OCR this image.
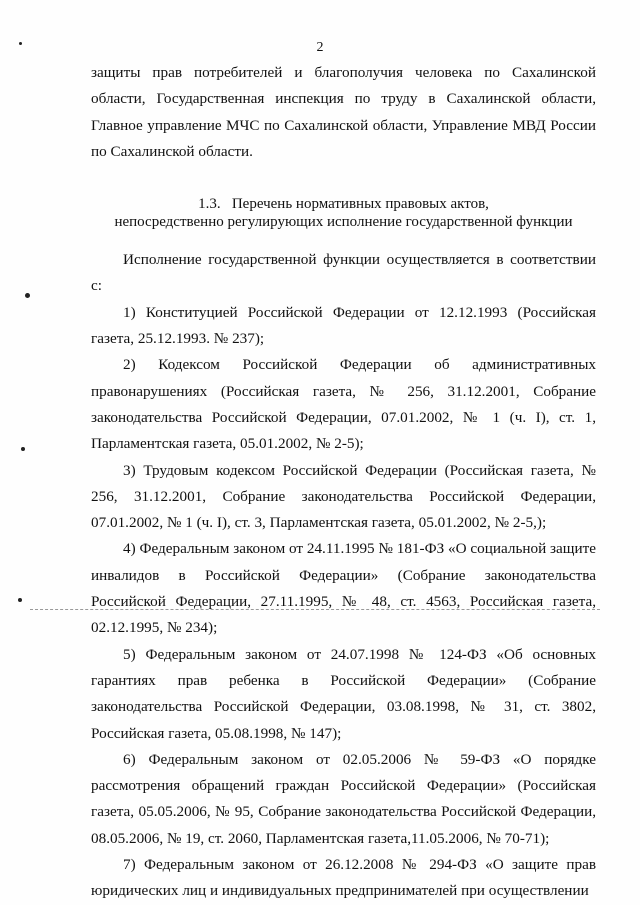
2

защиты прав потребителей и благополучия человека по Сахалинской области, Государственная инспекция по труду в Сахалинской области, Главное управление МЧС по Сахалинской области, Управление МВД России по Сахалинской области.

1.3. Перечень нормативных правовых актов,
непосредственно регулирующих исполнение государственной функции

Исполнение государственной функции осуществляется в соответствии с:

1) Конституцией Российской Федерации от 12.12.1993 (Российская газета, 25.12.1993. № 237);

2) Кодексом Российской Федерации об административных правонарушениях (Российская газета, № 256, 31.12.2001, Собрание законодательства Российской Федерации, 07.01.2002, № 1 (ч. I), ст. 1, Парламентская газета, 05.01.2002, № 2-5);

3) Трудовым кодексом Российской Федерации (Российская газета, № 256, 31.12.2001, Собрание законодательства Российской Федерации, 07.01.2002, № 1 (ч. I), ст. 3, Парламентская газета, 05.01.2002, № 2-5,);

4) Федеральным законом от 24.11.1995 № 181-ФЗ «О социальной защите инвалидов в Российской Федерации» (Собрание законодательства Российской Федерации, 27.11.1995, № 48, ст. 4563, Российская газета, 02.12.1995, № 234);

5) Федеральным законом от 24.07.1998 № 124-ФЗ «Об основных гарантиях прав ребенка в Российской Федерации» (Собрание законодательства Российской Федерации, 03.08.1998, № 31, ст. 3802, Российская газета, 05.08.1998, № 147);

6) Федеральным законом от 02.05.2006 № 59-ФЗ «О порядке рассмотрения обращений граждан Российской Федерации» (Российская газета, 05.05.2006, № 95, Собрание законодательства Российской Федерации, 08.05.2006, № 19, ст. 2060, Парламентская газета,11.05.2006, № 70-71);

7) Федеральным законом от 26.12.2008 № 294-ФЗ «О защите прав юридических лиц и индивидуальных предпринимателей при осуществлении
